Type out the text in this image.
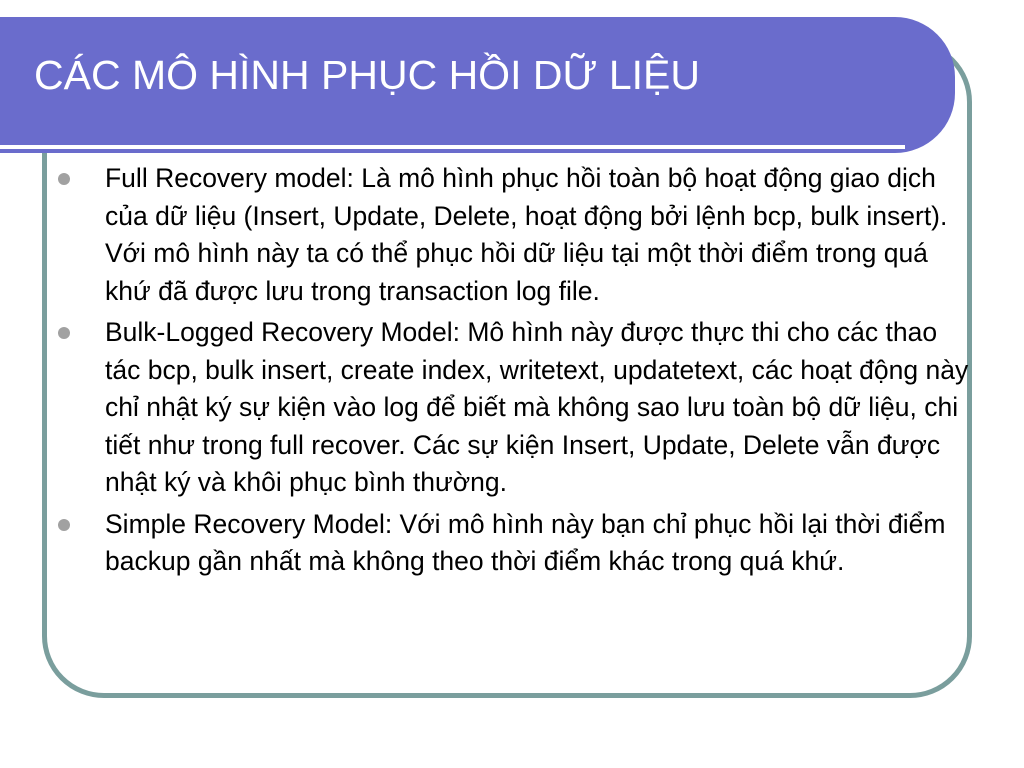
CÁC MÔ HÌNH PHỤC HỒI DỮ LIỆU
Full Recovery model: Là mô hình phục hồi toàn bộ hoạt động giao dịch của dữ liệu (Insert, Update, Delete, hoạt động bởi lệnh bcp, bulk insert). Với mô hình này ta có thể phục hồi dữ liệu tại một thời điểm trong quá khứ đã được lưu trong transaction log file.
Bulk-Logged Recovery Model: Mô hình này được thực thi cho các thao tác bcp, bulk insert, create index, writetext, updatetext, các hoạt động này chỉ nhật ký sự kiện vào log để biết mà không sao lưu toàn bộ dữ liệu, chi tiết như trong full recover. Các sự kiện Insert, Update, Delete vẫn được nhật ký và khôi phục bình thường.
Simple Recovery Model: Với mô hình này bạn chỉ phục hồi lại thời điểm backup gần nhất mà không theo thời điểm khác trong quá khứ.
